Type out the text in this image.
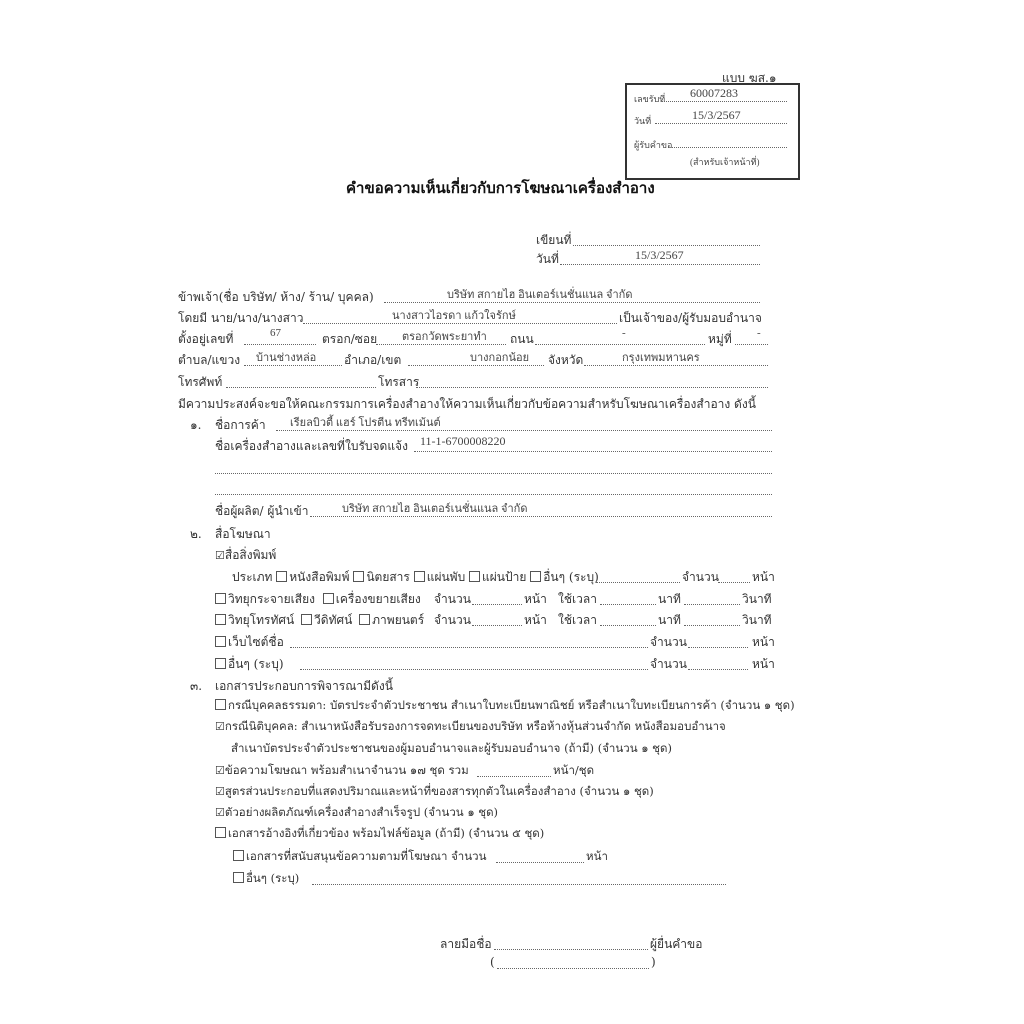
แบบ ฆส.๑
เลขรับที่ 60007283
วันที่	15/3/2567
ผู้รับคำขอ
(สำหรับเจ้าหน้าที่)
คำขอความเห็นเกี่ยวกับการโฆษณาเครื่องสำอาง
เขียนที่
วันที่	15/3/2567
ข้าพเจ้า(ชื่อ บริษัท/ ห้าง/ ร้าน/ บุคคล)	บริษัท สกายไฮ อินเตอร์เนชั่นแนล จำกัด
โดยมี นาย/นาง/นางสาว	นางสาวไอรดา แก้วใจรักษ์	เป็นเจ้าของ/ผู้รับมอบอำนาจ
ตั้งอยู่เลขที่	67	ตรอก/ซอย ตรอกวัดพระยาทำ ถนน	-	หมู่ที่ -
ตำบล/แขวง บ้านช่างหล่อ อำเภอ/เขต	บางกอกน้อย จังหวัด	กรุงเทพมหานคร
โทรศัพท์	โทรสาร
มีความประสงค์จะขอให้คณะกรรมการเครื่องสำอางให้ความเห็นเกี่ยวกับข้อความสำหรับโฆษณาเครื่องสำอาง ดังนี้
๑. ชื่อการค้า เรียลบิวตี้ แฮร์ โปรตีน ทรีทเม้นต์
ชื่อเครื่องสำอางและเลขที่ใบรับจดแจ้ง 11-1-6700008220
ชื่อผู้ผลิต/ ผู้นำเข้า	บริษัท สกายไฮ อินเตอร์เนชั่นแนล จำกัด
๒. สื่อโฆษณา
☑สื่อสิ่งพิมพ์
ประเภท หนังสือพิมพ์ นิตยสาร แผ่นพับ แผ่นป้าย อื่นๆ (ระบุ)	จำนวน	หน้า
วิทยุกระจายเสียง เครื่องขยายเสียง จำนวน	หน้า ใช้เวลา	นาที	วินาที
วิทยุโทรทัศน์ วีดิทัศน์ ภาพยนตร์ จำนวน	หน้า ใช้เวลา	นาที	วินาที
เว็บไซต์ชื่อ	จำนวน	หน้า
อื่นๆ (ระบุ)	จำนวน	หน้า
๓. เอกสารประกอบการพิจารณามีดังนี้
กรณีบุคคลธรรมดา: บัตรประจำตัวประชาชน สำเนาใบทะเบียนพาณิชย์ หรือสำเนาใบทะเบียนการค้า (จำนวน ๑ ชุด)
☑กรณีนิติบุคคล: สำเนาหนังสือรับรองการจดทะเบียนของบริษัท หรือห้างหุ้นส่วนจำกัด หนังสือมอบอำนาจ
สำเนาบัตรประจำตัวประชาชนของผู้มอบอำนาจและผู้รับมอบอำนาจ (ถ้ามี) (จำนวน ๑ ชุด)
☑ข้อความโฆษณา พร้อมสำเนาจำนวน ๑๗ ชุด รวม	หน้า/ชุด
☑สูตรส่วนประกอบที่แสดงปริมาณและหน้าที่ของสารทุกตัวในเครื่องสำอาง (จำนวน ๑ ชุด)
☑ตัวอย่างผลิตภัณฑ์เครื่องสำอางสำเร็จรูป (จำนวน ๑ ชุด)
เอกสารอ้างอิงที่เกี่ยวข้อง พร้อมไฟล์ข้อมูล (ถ้ามี) (จำนวน ๕ ชุด)
เอกสารที่สนับสนุนข้อความตามที่โฆษณา จำนวน	หน้า
อื่นๆ (ระบุ)
ลายมือชื่อ	ผู้ยื่นคำขอ
(	)
